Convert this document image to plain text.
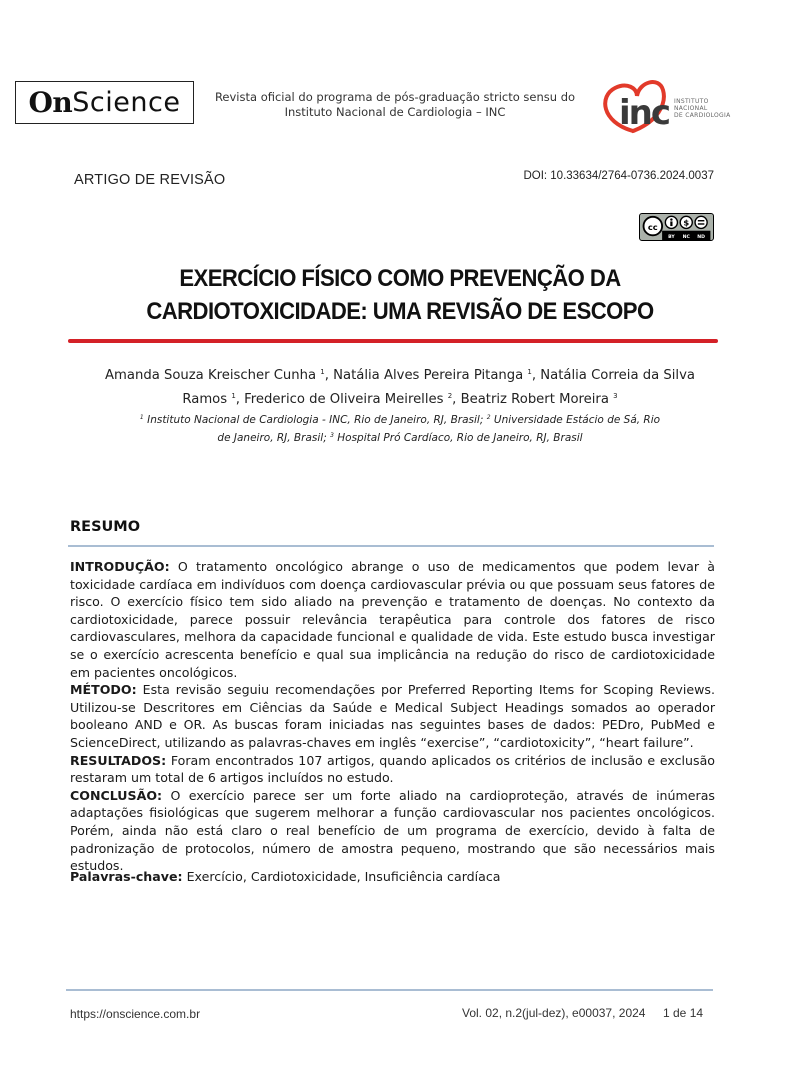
On Science	Revista oficial do programa de pós-graduação stricto sensu do
Instituto Nacional de Cardiologia – INC	inc INSTITUTO
NACIONAL
DE CARDIOLOGIA
ARTIGO DE REVISÃO	DOI: 10.33634/2764-0736.2024.0037
cc	$
BY NC ND
EXERCÍCIO FÍSICO COMO PREVENÇÃO DA
CARDIOTOXICIDADE: UMA REVISÃO DE ESCOPO
Amanda Souza Kreischer Cunha $^1$, Natália Alves Pereira Pitanga $^1$, Natália Correia da Silva Ramos $^1$, Frederico de Oliveira Meirelles $^2$, Beatriz Robert Moreira $^3$
$^1$ Instituto Nacional de Cardiologia - INC, Rio de Janeiro, RJ, Brasil; $^2$ Universidade Estácio de Sá, Rio de Janeiro, RJ, Brasil; $^3$ Hospital Pró Cardíaco, Rio de Janeiro, RJ, Brasil
RESUMO

INTRODUÇÃO: O tratamento oncológico abrange o uso de medicamentos que podem levar à toxicidade cardíaca em indivíduos com doença cardiovascular prévia ou que possuam seus fatores de risco. O exercício físico tem sido aliado na prevenção e tratamento de doenças. No contexto da cardiotoxicidade, parece possuir relevância terapêutica para controle dos fatores de risco cardiovasculares, melhora da capacidade funcional e qualidade de vida. Este estudo busca investigar se o exercício acrescenta benefício e qual sua implicância na redução do risco de cardiotoxicidade em pacientes oncológicos.

MÉTODO: Esta revisão seguiu recomendações por Preferred Reporting Items for Scoping Reviews. Utilizou-se Descritores em Ciências da Saúde e Medical Subject Headings somados ao operador booleano AND e OR. As buscas foram iniciadas nas seguintes bases de dados: PEDro, PubMed e ScienceDirect, utilizando as palavras-chaves em inglês “exercise”, “cardiotoxicity”, “heart failure”.

RESULTADOS: Foram encontrados 107 artigos, quando aplicados os critérios de inclusão e exclusão restaram um total de 6 artigos incluídos no estudo.

CONCLUSÃO: O exercício parece ser um forte aliado na cardioproteção, através de inúmeras adaptações fisiológicas que sugerem melhorar a função cardiovascular nos pacientes oncológicos. Porém, ainda não está claro o real benefício de um programa de exercício, devido à falta de padronização de protocolos, número de amostra pequeno, mostrando que são necessários mais estudos.

Palavras-chave: Exercício, Cardiotoxicidade, Insuficiência cardíaca
https://onscience.com.br	Vol. 02, n.2(jul-dez), e00037, 2024 1 de 14
